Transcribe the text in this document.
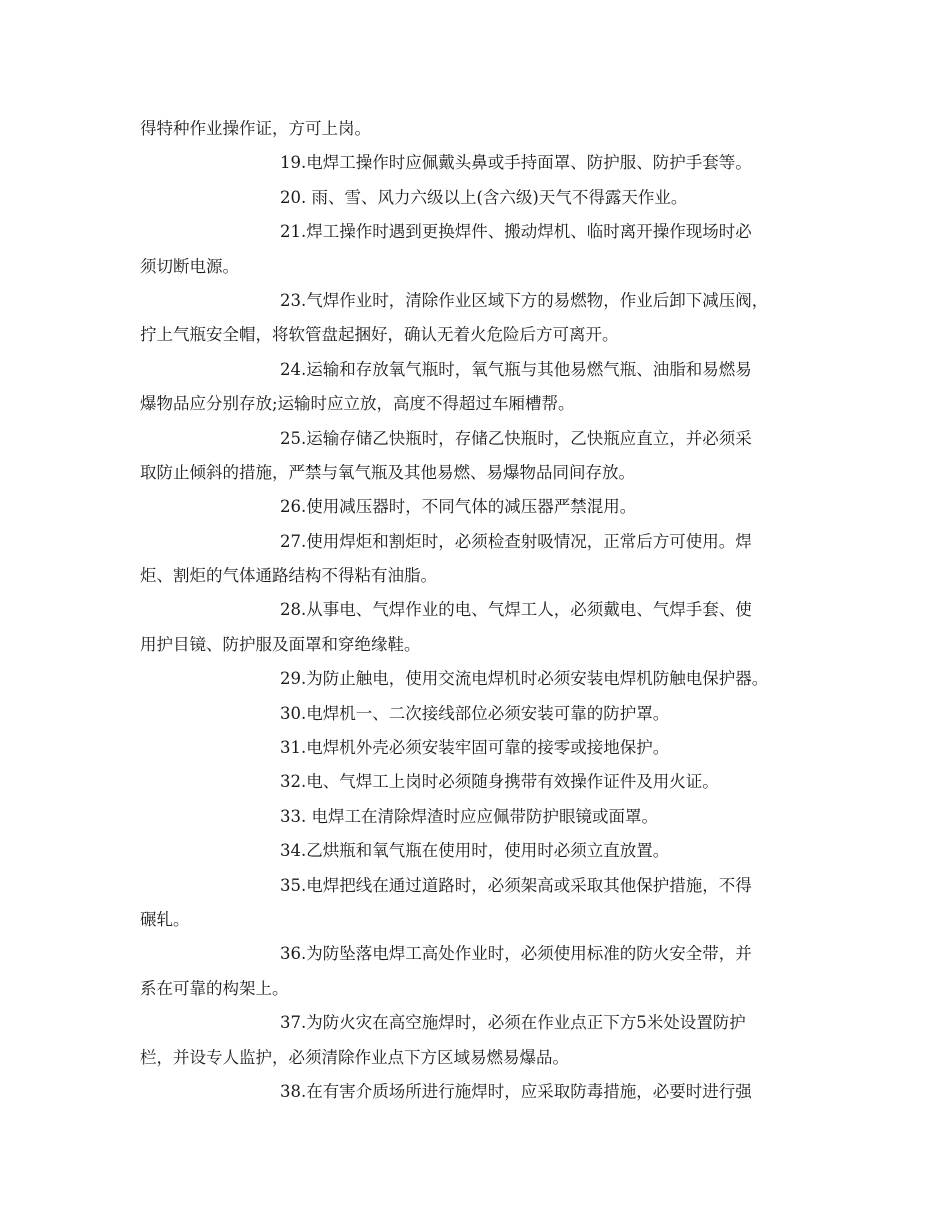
得特种作业操作证，方可上岗。
19.电焊工操作时应佩戴头鼻或手持面罩、防护服、防护手套等。
20. 雨、雪、风力六级以上(含六级)天气不得露天作业。
21.焊工操作时遇到更换焊件、搬动焊机、临时离开操作现场时必
须切断电源。
23.气焊作业时，清除作业区域下方的易燃物，作业后卸下减压阀，
拧上气瓶安全帽，将软管盘起捆好，确认无着火危险后方可离开。
24.运输和存放氧气瓶时，氧气瓶与其他易燃气瓶、油脂和易燃易
爆物品应分别存放;运输时应立放，高度不得超过车厢槽帮。
25.运输存储乙快瓶时，存储乙快瓶时，乙快瓶应直立，并必须采
取防止倾斜的措施，严禁与氧气瓶及其他易燃、易爆物品同间存放。
26.使用减压器时，不同气体的减压器严禁混用。
27.使用焊炬和割炬时，必须检查射吸情况，正常后方可使用。焊
炬、割炬的气体通路结构不得粘有油脂。
28.从事电、气焊作业的电、气焊工人，必须戴电、气焊手套、使
用护目镜、防护服及面罩和穿绝缘鞋。
29.为防止触电，使用交流电焊机时必须安装电焊机防触电保护器。
30.电焊机一、二次接线部位必须安装可靠的防护罩。
31.电焊机外壳必须安装牢固可靠的接零或接地保护。
32.电、气焊工上岗时必须随身携带有效操作证件及用火证。
33. 电焊工在清除焊渣时应应佩带防护眼镜或面罩。
34.乙烘瓶和氧气瓶在使用时，使用时必须立直放置。
35.电焊把线在通过道路时，必须架高或采取其他保护措施，不得
碾轧。
36.为防坠落电焊工高处作业时，必须使用标准的防火安全带，并
系在可靠的构架上。
37.为防火灾在高空施焊时，必须在作业点正下方5米处设置防护
栏，并设专人监护，必须清除作业点下方区域易燃易爆品。
38.在有害介质场所进行施焊时，应采取防毒措施，必要时进行强
